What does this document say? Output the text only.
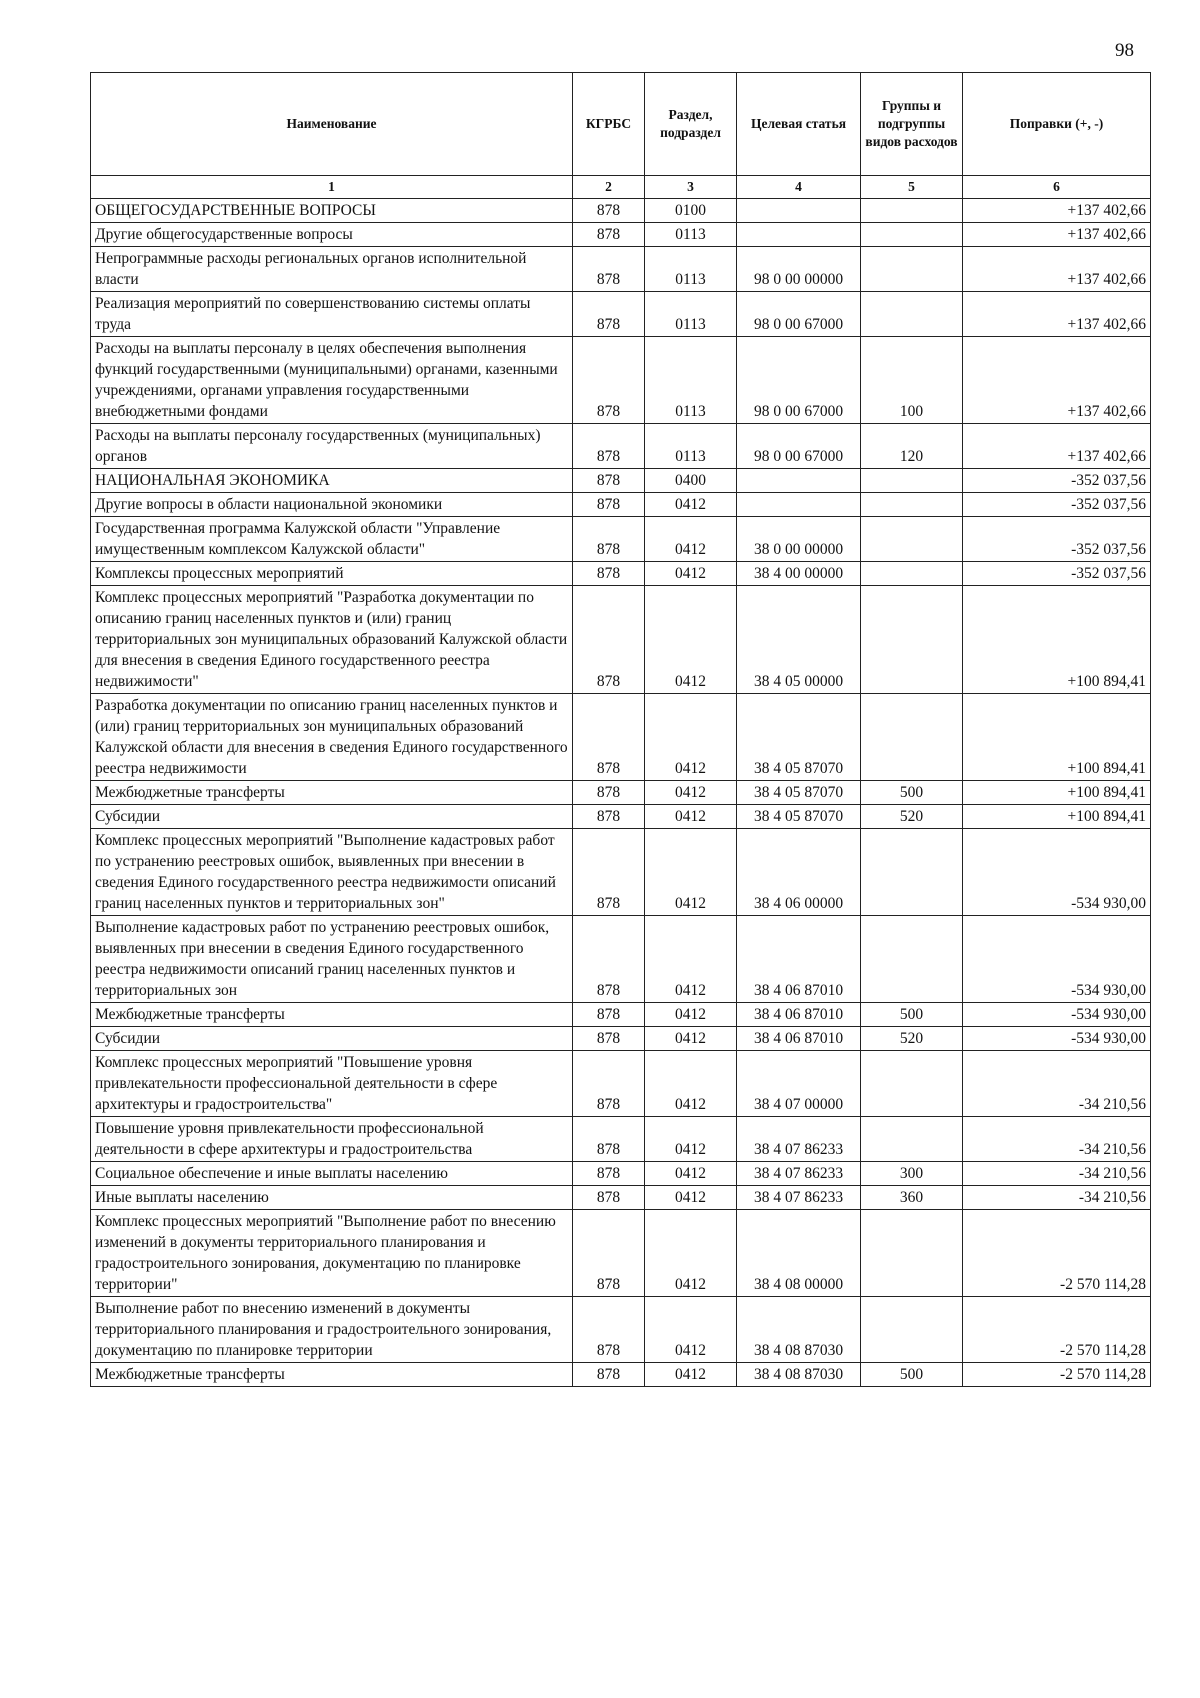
98
Наименование	КГРБС	Раздел, подраздел	Целевая статья	Группы и подгруппы видов расходов	Поправки (+, -)
1	2	3	4	5	6
ОБЩЕГОСУДАРСТВЕННЫЕ ВОПРОСЫ	878	0100			+137 402,66
Другие общегосударственные вопросы	878	0113			+137 402,66
Непрограммные расходы региональных органов исполнительной власти	878	0113	98 0 00 00000		+137 402,66
Реализация мероприятий по совершенствованию системы оплаты труда	878	0113	98 0 00 67000		+137 402,66
Расходы на выплаты персоналу в целях обеспечения выполнения функций государственными (муниципальными) органами, казенными учреждениями, органами управления государственными внебюджетными фондами	878	0113	98 0 00 67000	100	+137 402,66
Расходы на выплаты персоналу государственных (муниципальных) органов	878	0113	98 0 00 67000	120	+137 402,66
НАЦИОНАЛЬНАЯ ЭКОНОМИКА	878	0400			-352 037,56
Другие вопросы в области национальной экономики	878	0412			-352 037,56
Государственная программа Калужской области "Управление имущественным комплексом Калужской области"	878	0412	38 0 00 00000		-352 037,56
Комплексы процессных мероприятий	878	0412	38 4 00 00000		-352 037,56
Комплекс процессных мероприятий "Разработка документации по описанию границ населенных пунктов и (или) границ территориальных зон муниципальных образований Калужской области для внесения в сведения Единого государственного реестра недвижимости"	878	0412	38 4 05 00000		+100 894,41
Разработка документации по описанию границ населенных пунктов и (или) границ территориальных зон муниципальных образований Калужской области для внесения в сведения Единого государственного реестра недвижимости	878	0412	38 4 05 87070		+100 894,41
Межбюджетные трансферты	878	0412	38 4 05 87070	500	+100 894,41
Субсидии	878	0412	38 4 05 87070	520	+100 894,41
Комплекс процессных мероприятий "Выполнение кадастровых работ по устранению реестровых ошибок, выявленных при внесении в сведения Единого государственного реестра недвижимости описаний границ населенных пунктов и территориальных зон"	878	0412	38 4 06 00000		-534 930,00
Выполнение кадастровых работ по устранению реестровых ошибок, выявленных при внесении в сведения Единого государственного реестра недвижимости описаний границ населенных пунктов и территориальных зон	878	0412	38 4 06 87010		-534 930,00
Межбюджетные трансферты	878	0412	38 4 06 87010	500	-534 930,00
Субсидии	878	0412	38 4 06 87010	520	-534 930,00
Комплекс процессных мероприятий "Повышение уровня привлекательности профессиональной деятельности в сфере архитектуры и градостроительства"	878	0412	38 4 07 00000		-34 210,56
Повышение уровня привлекательности профессиональной деятельности в сфере архитектуры и градостроительства	878	0412	38 4 07 86233		-34 210,56
Социальное обеспечение и иные выплаты населению	878	0412	38 4 07 86233	300	-34 210,56
Иные выплаты населению	878	0412	38 4 07 86233	360	-34 210,56
Комплекс процессных мероприятий "Выполнение работ по внесению изменений в документы территориального планирования и градостроительного зонирования, документацию по планировке территории"	878	0412	38 4 08 00000		-2 570 114,28
Выполнение работ по внесению изменений в документы территориального планирования и градостроительного зонирования, документацию по планировке территории	878	0412	38 4 08 87030		-2 570 114,28
Межбюджетные трансферты	878	0412	38 4 08 87030	500	-2 570 114,28
